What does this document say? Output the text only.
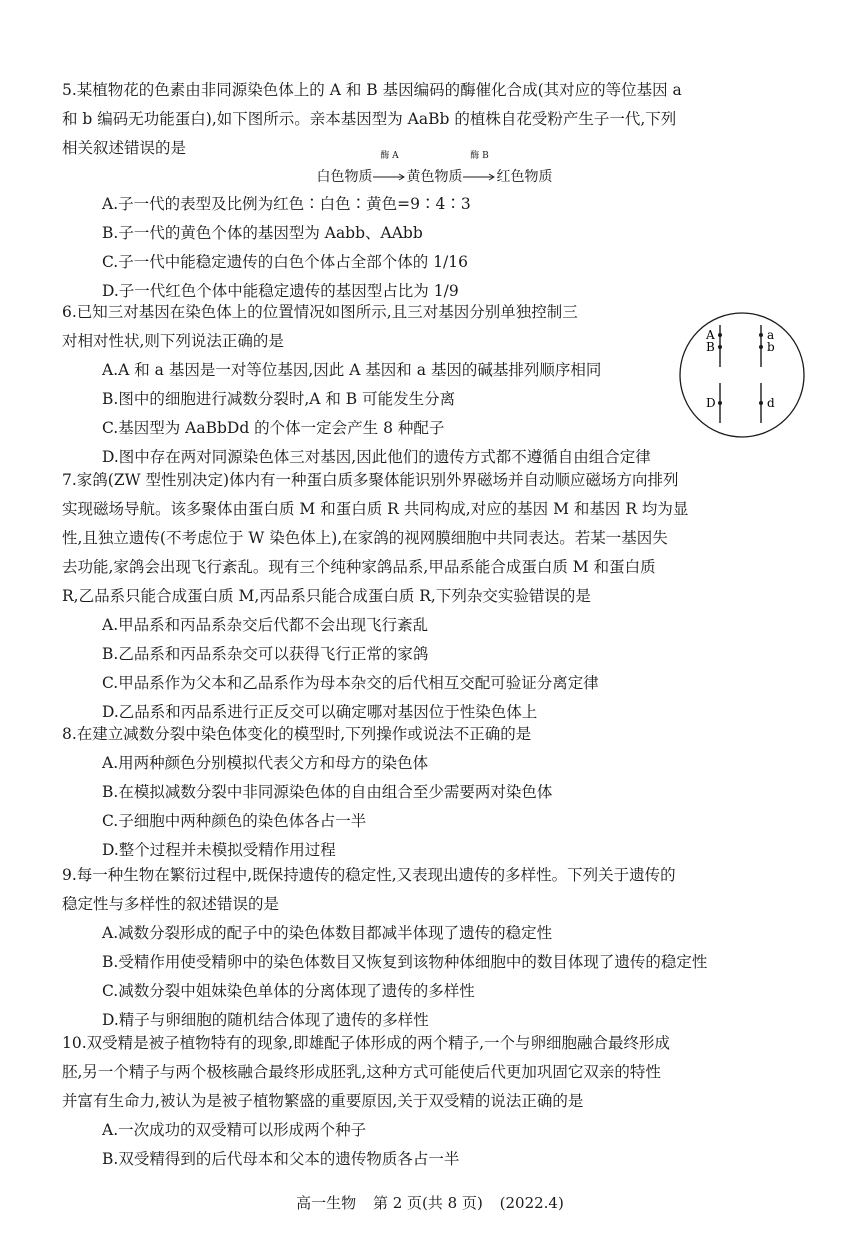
5.某植物花的色素由非同源染色体上的 A 和 B 基因编码的酶催化合成(其对应的等位基因 a
和 b 编码无功能蛋白),如下图所示。亲本基因型为 AaBb 的植株自花受粉产生子一代,下列
相关叙述错误的是
白色物质
酶 A
黄色物质
酶 B
红色物质
A.子一代的表型及比例为红色∶白色∶黄色=9∶4∶3
B.子一代的黄色个体的基因型为 Aabb、AAbb
C.子一代中能稳定遗传的白色个体占全部个体的 1/16
D.子一代红色个体中能稳定遗传的基因型占比为 1/9
6.已知三对基因在染色体上的位置情况如图所示,且三对基因分别单独控制三
对相对性状,则下列说法正确的是
A.A 和 a 基因是一对等位基因,因此 A 基因和 a 基因的碱基排列顺序相同
B.图中的细胞进行减数分裂时,A 和 B 可能发生分离
C.基因型为 AaBbDd 的个体一定会产生 8 种配子
D.图中存在两对同源染色体三对基因,因此他们的遗传方式都不遵循自由组合定律
A
B
a
b
D	d
7.家鸽(ZW 型性别决定)体内有一种蛋白质多聚体能识别外界磁场并自动顺应磁场方向排列
实现磁场导航。该多聚体由蛋白质 M 和蛋白质 R 共同构成,对应的基因 M 和基因 R 均为显
性,且独立遗传(不考虑位于 W 染色体上),在家鸽的视网膜细胞中共同表达。若某一基因失
去功能,家鸽会出现飞行紊乱。现有三个纯种家鸽品系,甲品系能合成蛋白质 M 和蛋白质
R,乙品系只能合成蛋白质 M,丙品系只能合成蛋白质 R,下列杂交实验错误的是
A.甲品系和丙品系杂交后代都不会出现飞行紊乱
B.乙品系和丙品系杂交可以获得飞行正常的家鸽
C.甲品系作为父本和乙品系作为母本杂交的后代相互交配可验证分离定律
D.乙品系和丙品系进行正反交可以确定哪对基因位于性染色体上
8.在建立减数分裂中染色体变化的模型时,下列操作或说法不正确的是
A.用两种颜色分别模拟代表父方和母方的染色体
B.在模拟减数分裂中非同源染色体的自由组合至少需要两对染色体
C.子细胞中两种颜色的染色体各占一半
D.整个过程并未模拟受精作用过程
9.每一种生物在繁衍过程中,既保持遗传的稳定性,又表现出遗传的多样性。下列关于遗传的
稳定性与多样性的叙述错误的是
A.减数分裂形成的配子中的染色体数目都减半体现了遗传的稳定性
B.受精作用使受精卵中的染色体数目又恢复到该物种体细胞中的数目体现了遗传的稳定性
C.减数分裂中姐妹染色单体的分离体现了遗传的多样性
D.精子与卵细胞的随机结合体现了遗传的多样性
10.双受精是被子植物特有的现象,即雄配子体形成的两个精子,一个与卵细胞融合最终形成
胚,另一个精子与两个极核融合最终形成胚乳,这种方式可能使后代更加巩固它双亲的特性
并富有生命力,被认为是被子植物繁盛的重要原因,关于双受精的说法正确的是
A.一次成功的双受精可以形成两个种子
B.双受精得到的后代母本和父本的遗传物质各占一半
高一生物 第 2 页(共 8 页) (2022.4)
